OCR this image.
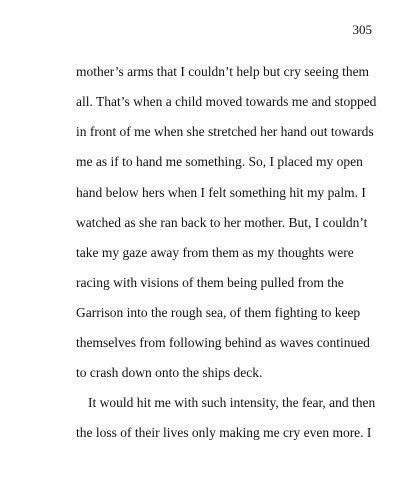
305
mother’s arms that I couldn’t help but cry seeing them
all. That’s when a child moved towards me and stopped
in front of me when she stretched her hand out towards
me as if to hand me something. So, I placed my open
hand below hers when I felt something hit my palm. I
watched as she ran back to her mother. But, I couldn’t
take my gaze away from them as my thoughts were
racing with visions of them being pulled from the
Garrison into the rough sea, of them fighting to keep
themselves from following behind as waves continued
to crash down onto the ships deck.
It would hit me with such intensity, the fear, and then
the loss of their lives only making me cry even more. I
